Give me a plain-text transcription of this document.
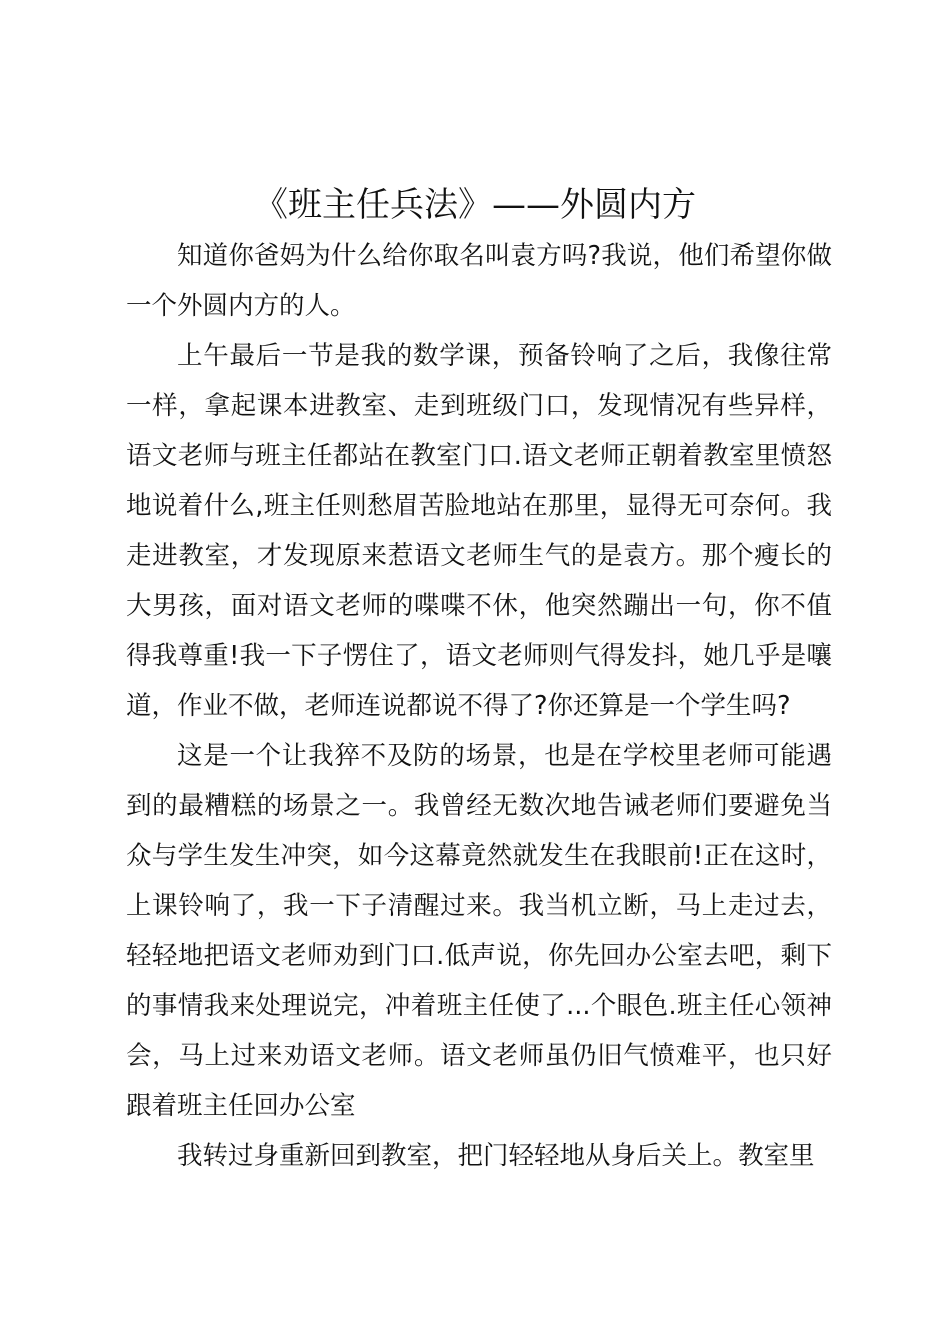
《班主任兵法》——外圆内方

知道你爸妈为什么给你取名叫袁方吗?我说，他们希望你做一个外圆内方的人。

上午最后一节是我的数学课，预备铃响了之后，我像往常一样，拿起课本进教室、走到班级门口，发现情况有些异样，语文老师与班主任都站在教室门口.语文老师正朝着教室里愤怒地说着什么,班主任则愁眉苦脸地站在那里，显得无可奈何。我走进教室，才发现原来惹语文老师生气的是袁方。那个瘦长的大男孩，面对语文老师的喋喋不休，他突然蹦出一句，你不值得我尊重!我一下子愣住了，语文老师则气得发抖，她几乎是嚷道，作业不做，老师连说都说不得了?你还算是一个学生吗?

这是一个让我猝不及防的场景，也是在学校里老师可能遇到的最糟糕的场景之一。我曾经无数次地告诫老师们要避免当众与学生发生冲突，如今这幕竟然就发生在我眼前!正在这时，上课铃响了，我一下子清醒过来。我当机立断，马上走过去，轻轻地把语文老师劝到门口.低声说，你先回办公室去吧，剩下的事情我来处理说完，冲着班主任使了...个眼色.班主任心领神会，马上过来劝语文老师。语文老师虽仍旧气愤难平，也只好跟着班主任回办公室

我转过身重新回到教室，把门轻轻地从身后关上。教室里
